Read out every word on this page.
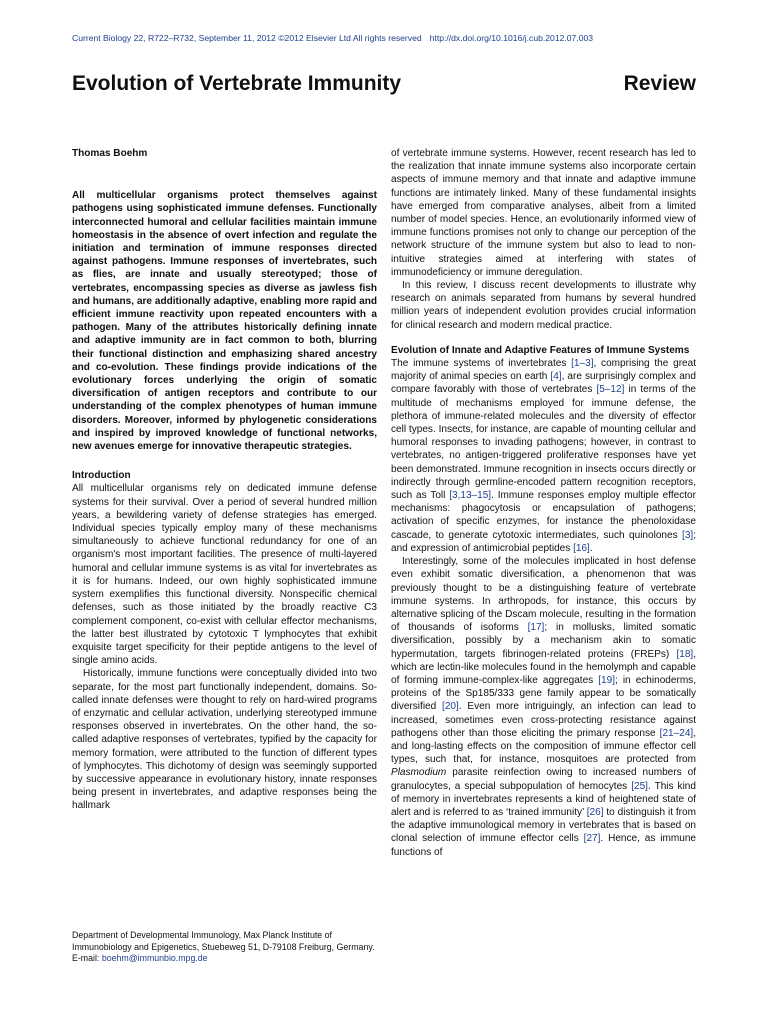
Current Biology 22, R722–R732, September 11, 2012 ©2012 Elsevier Ltd All rights reserved http://dx.doi.org/10.1016/j.cub.2012.07.003
Evolution of Vertebrate Immunity	Review

Thomas Boehm

All multicellular organisms protect themselves against pathogens using sophisticated immune defenses. Functionally interconnected humoral and cellular facilities maintain immune homeostasis in the absence of overt infection and regulate the initiation and termination of immune responses directed against pathogens. Immune responses of invertebrates, such as flies, are innate and usually stereotyped; those of vertebrates, encompassing species as diverse as jawless fish and humans, are additionally adaptive, enabling more rapid and efficient immune reactivity upon repeated encounters with a pathogen. Many of the attributes historically defining innate and adaptive immunity are in fact common to both, blurring their functional distinction and emphasizing shared ancestry and co-evolution. These findings provide indications of the evolutionary forces underlying the origin of somatic diversification of antigen receptors and contribute to our understanding of the complex phenotypes of human immune disorders. Moreover, informed by phylogenetic considerations and inspired by improved knowledge of functional networks, new avenues emerge for innovative therapeutic strategies.

Introduction

All multicellular organisms rely on dedicated immune defense systems for their survival. Over a period of several hundred million years, a bewildering variety of defense strategies has emerged. Individual species typically employ many of these mechanisms simultaneously to achieve functional redundancy for one of an organism's most important facilities. The presence of multi-layered humoral and cellular immune systems is as vital for invertebrates as it is for humans. Indeed, our own highly sophisticated immune system exemplifies this functional diversity. Nonspecific chemical defenses, such as those initiated by the broadly reactive C3 complement component, co-exist with cellular effector mechanisms, the latter best illustrated by cytotoxic T lymphocytes that exhibit exquisite target specificity for their peptide antigens to the level of single amino acids.

Historically, immune functions were conceptually divided into two separate, for the most part functionally independent, domains. So-called innate defenses were thought to rely on hard-wired programs of enzymatic and cellular activation, underlying stereotyped immune responses observed in invertebrates. On the other hand, the so-called adaptive responses of vertebrates, typified by the capacity for memory formation, were attributed to the function of different types of lymphocytes. This dichotomy of design was seemingly supported by successive appearance in evolutionary history, innate responses being present in invertebrates, and adaptive responses being the hallmark

Department of Developmental Immunology, Max Planck Institute of Immunobiology and Epigenetics, Stuebeweg 51, D-79108 Freiburg, Germany.
E-mail: boehm@immunbio.mpg.de

of vertebrate immune systems. However, recent research has led to the realization that innate immune systems also incorporate certain aspects of immune memory and that innate and adaptive immune functions are intimately linked. Many of these fundamental insights have emerged from comparative analyses, albeit from a limited number of model species. Hence, an evolutionarily informed view of immune functions promises not only to change our perception of the network structure of the immune system but also to lead to non-intuitive strategies aimed at interfering with states of immunodeficiency or immune deregulation.

In this review, I discuss recent developments to illustrate why research on animals separated from humans by several hundred million years of independent evolution provides crucial information for clinical research and modern medical practice.

Evolution of Innate and Adaptive Features of Immune Systems

The immune systems of invertebrates [1–3], comprising the great majority of animal species on earth [4], are surprisingly complex and compare favorably with those of vertebrates [5–12] in terms of the multitude of mechanisms employed for immune defense, the plethora of immune-related molecules and the diversity of effector cell types. Insects, for instance, are capable of mounting cellular and humoral responses to invading pathogens; however, in contrast to vertebrates, no antigen-triggered proliferative responses have yet been demonstrated. Immune recognition in insects occurs directly or indirectly through germline-encoded pattern recognition receptors, such as Toll [3,13–15]. Immune responses employ multiple effector mechanisms: phagocytosis or encapsulation of pathogens; activation of specific enzymes, for instance the phenoloxidase cascade, to generate cytotoxic intermediates, such quinolones [3]; and expression of antimicrobial peptides [16].

Interestingly, some of the molecules implicated in host defense even exhibit somatic diversification, a phenomenon that was previously thought to be a distinguishing feature of vertebrate immune systems. In arthropods, for instance, this occurs by alternative splicing of the Dscam molecule, resulting in the formation of thousands of isoforms [17]; in mollusks, limited somatic diversification, possibly by a mechanism akin to somatic hypermutation, targets fibrinogen-related proteins (FREPs) [18], which are lectin-like molecules found in the hemolymph and capable of forming immune-complex-like aggregates [19]; in echinoderms, proteins of the Sp185/333 gene family appear to be somatically diversified [20]. Even more intriguingly, an infection can lead to increased, sometimes even cross-protecting resistance against pathogens other than those eliciting the primary response [21–24], and long-lasting effects on the composition of immune effector cell types, such that, for instance, mosquitoes are protected from Plasmodium parasite reinfection owing to increased numbers of granulocytes, a special subpopulation of hemocytes [25]. This kind of memory in invertebrates represents a kind of heightened state of alert and is referred to as ‘trained immunity’ [26] to distinguish it from the adaptive immunological memory in vertebrates that is based on clonal selection of immune effector cells [27]. Hence, as immune functions of
